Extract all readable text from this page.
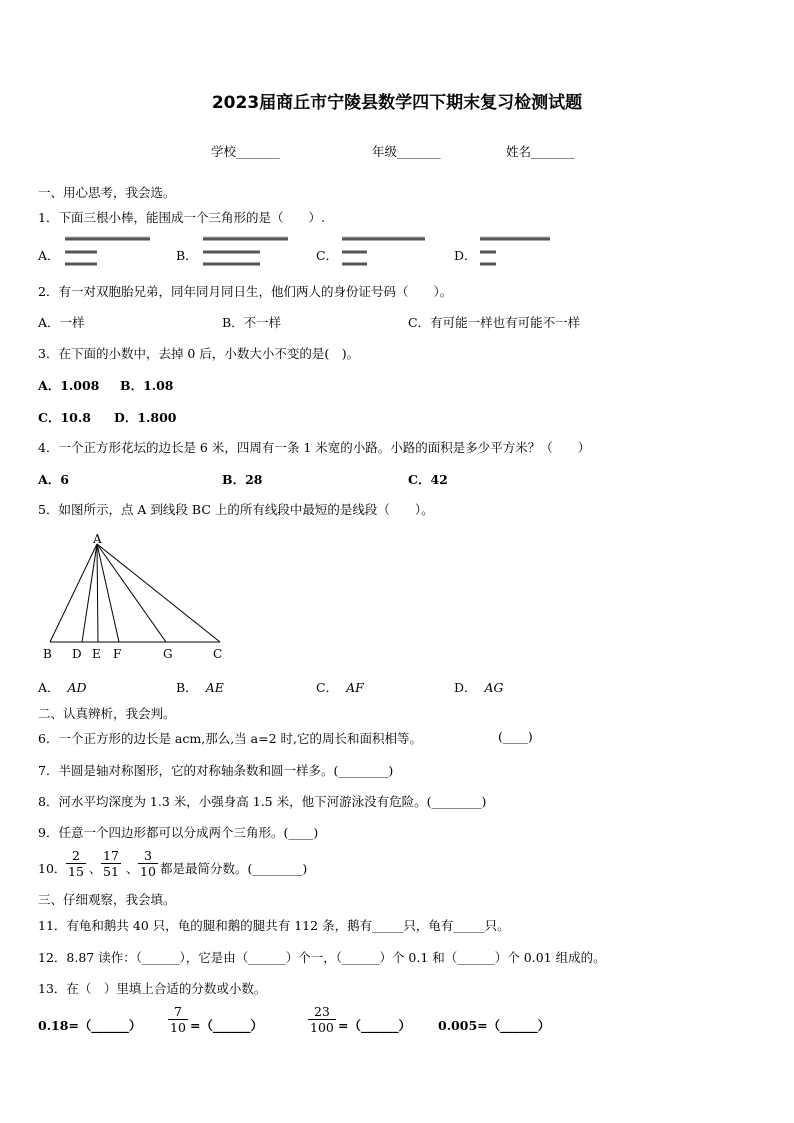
2023届商丘市宁陵县数学四下期末复习检测试题
学校_______	年级_______	姓名_______
一、用心思考，我会选。
1．下面三根小棒，能围成一个三角形的是（　　）.
A．	B．	C．	D．
2．有一对双胞胎兄弟，同年同月同日生，他们两人的身份证号码（　　）。
A．一样	B．不一样	C．有可能一样也有可能不一样
3．在下面的小数中，去掉 0 后，小数大小不变的是(　)。
A．1.008 B．1.08
C．10.8 D．1.800
4．一个正方形花坛的边长是 6 米，四周有一条 1 米宽的小路。小路的面积是多少平方米？（　　）
A．6	B．28	C．42
5．如图所示，点 A 到线段 BC 上的所有线段中最短的是线段（　　）。
A
B D E F	G	C
A． AD	B． AE	C． AF	D． AG
二、认真辨析，我会判。
6．一个正方形的边长是 acm,那么,当 a=2 时,它的周长和面积相等。	(____)
7．半圆是轴对称图形，它的对称轴条数和圆一样多。(________)
8．河水平均深度为 1.3 米，小强身高 1.5 米，他下河游泳没有危险。(________)
9．任意一个四边形都可以分成两个三角形。(____)
10． $\frac{2}{15}$ 、 $\frac{17}{51}$ 、 $\frac{3}{10}$ 都是最简分数。(________)
三、仔细观察，我会填。
11．有龟和鹅共 40 只，龟的腿和鹅的腿共有 112 条，鹅有_____只，龟有_____只。
12．8.87 读作：（______），它是由（______）个一，（______）个 0.1 和（______）个 0.01 组成的。
13．在（　）里填上合适的分数或小数。
0.18=（______） $\frac{7}{10}$ =（______）	$\frac{23}{100}$ =（______） 0.005=（______）
